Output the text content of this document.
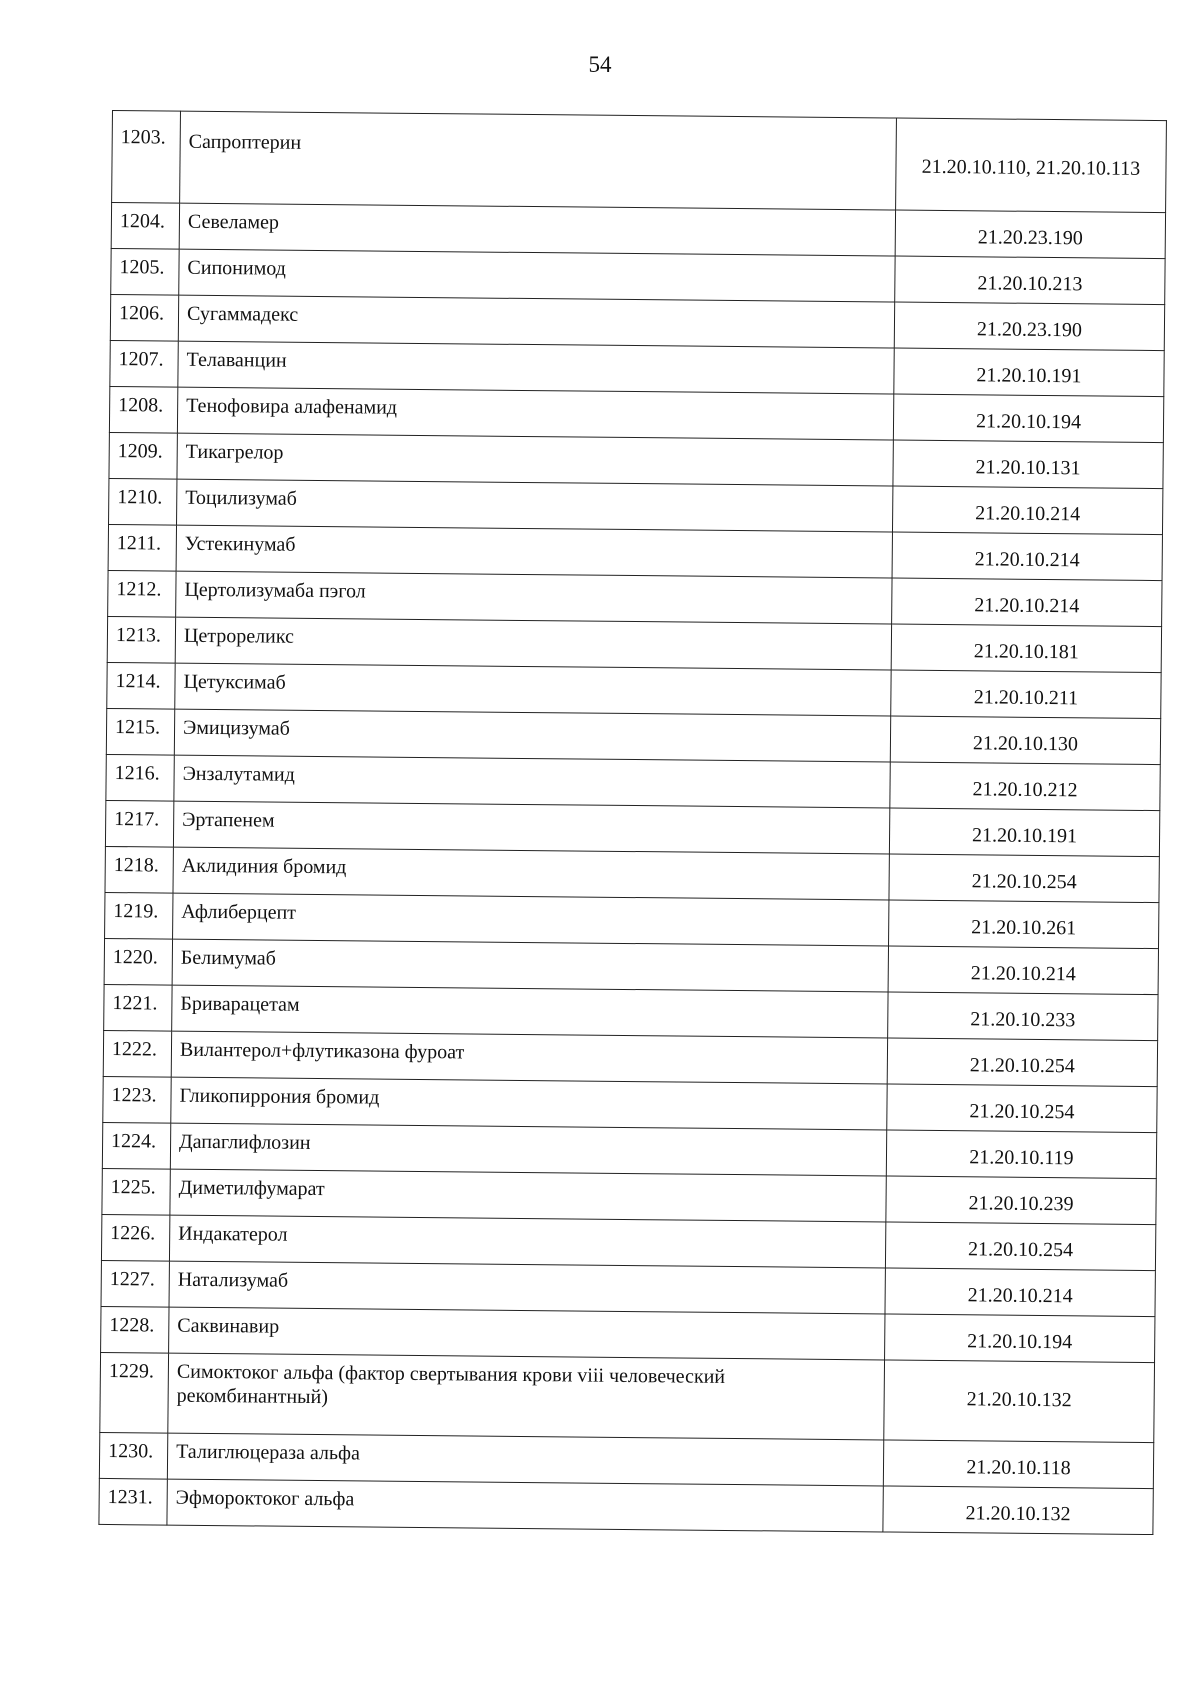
54
1203.	Сапроптерин	21.20.10.110, 21.20.10.113
1204.	Севеламер	21.20.23.190
1205.	Сипонимод	21.20.10.213
1206.	Сугаммадекс	21.20.23.190
1207.	Телаванцин	21.20.10.191
1208.	Тенофовира алафенамид	21.20.10.194
1209.	Тикагрелор	21.20.10.131
1210.	Тоцилизумаб	21.20.10.214
1211.	Устекинумаб	21.20.10.214
1212.	Цертолизумаба пэгол	21.20.10.214
1213.	Цетрореликс	21.20.10.181
1214.	Цетуксимаб	21.20.10.211
1215.	Эмицизумаб	21.20.10.130
1216.	Энзалутамид	21.20.10.212
1217.	Эртапенем	21.20.10.191
1218.	Аклидиния бромид	21.20.10.254
1219.	Афлиберцепт	21.20.10.261
1220.	Белимумаб	21.20.10.214
1221.	Бриварацетам	21.20.10.233
1222.	Вилантерол+флутиказона фуроат	21.20.10.254
1223.	Гликопиррония бромид	21.20.10.254
1224.	Дапаглифлозин	21.20.10.119
1225.	Диметилфумарат	21.20.10.239
1226.	Индакатерол	21.20.10.254
1227.	Натализумаб	21.20.10.214
1228.	Саквинавир	21.20.10.194
1229.	Симоктоког альфа (фактор свертывания крови viii человеческий рекомбинантный)	21.20.10.132
1230.	Талиглюцераза альфа	21.20.10.118
1231.	Эфмороктоког альфа	21.20.10.132
